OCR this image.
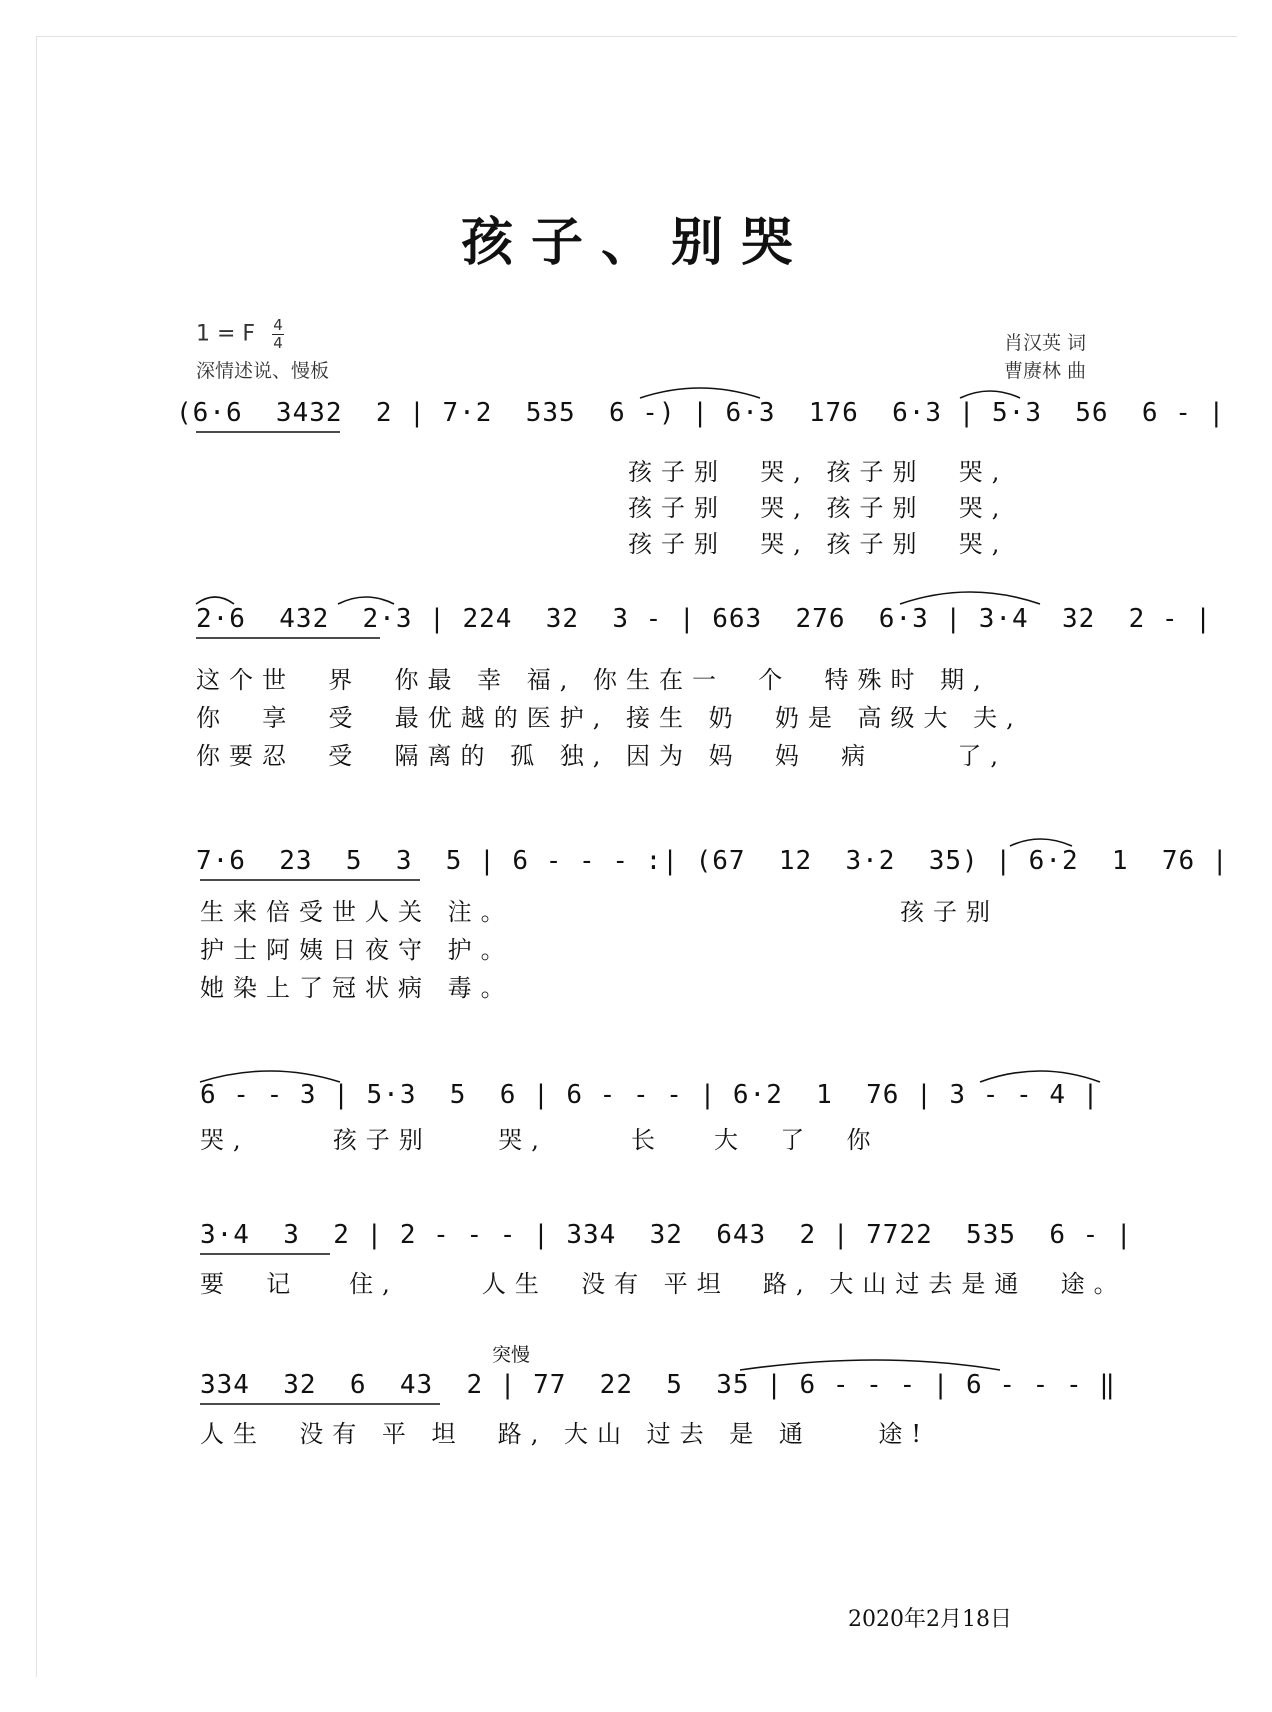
孩子、别哭
1 = F $\frac{4}{4}$
深情述说、慢板
肖汉英 词
曹赓林 曲
(6·6  3432  2 | 7·2  535  6 -) | 6·3  176  6·3 | 5·3  56  6 - |
孩子别  哭, 孩子别  哭,
孩子别  哭, 孩子别  哭,
孩子别  哭, 孩子别  哭,
2·6  432  2·3 | 224  32  3 - | 663  276  6·3 | 3·4  32  2 - |
这个世  界  你最 幸 福, 你生在一  个  特殊时 期,
你  享  受  最优越的医护, 接生 奶  奶是 高级大 夫,
你要忍  受  隔离的 孤 独, 因为 妈  妈  病     了,
7·6  23  5  3  5 | 6 - - - :| (67  12  3·2  35) | 6·2  1  76 |
生来倍受世人关 注。
护士阿姨日夜守 护。
她染上了冠状病 毒。
孩子别
6 - - 3 | 5·3  5  6 | 6 - - - | 6·2  1  76 | 3 - - 4 |
哭,     孩子别    哭,     长   大  了  你
3·4  3  2 | 2 - - - | 334  32  643  2 | 7722  535  6 - |
要  记   住,     人生  没有 平坦  路, 大山过去是通  途。
突慢
334  32  6  43  2 | 77  22  5  35 | 6 - - - | 6 - - - ‖
人生  没有 平 坦  路, 大山 过去 是 通    途!
2020年2月18日
